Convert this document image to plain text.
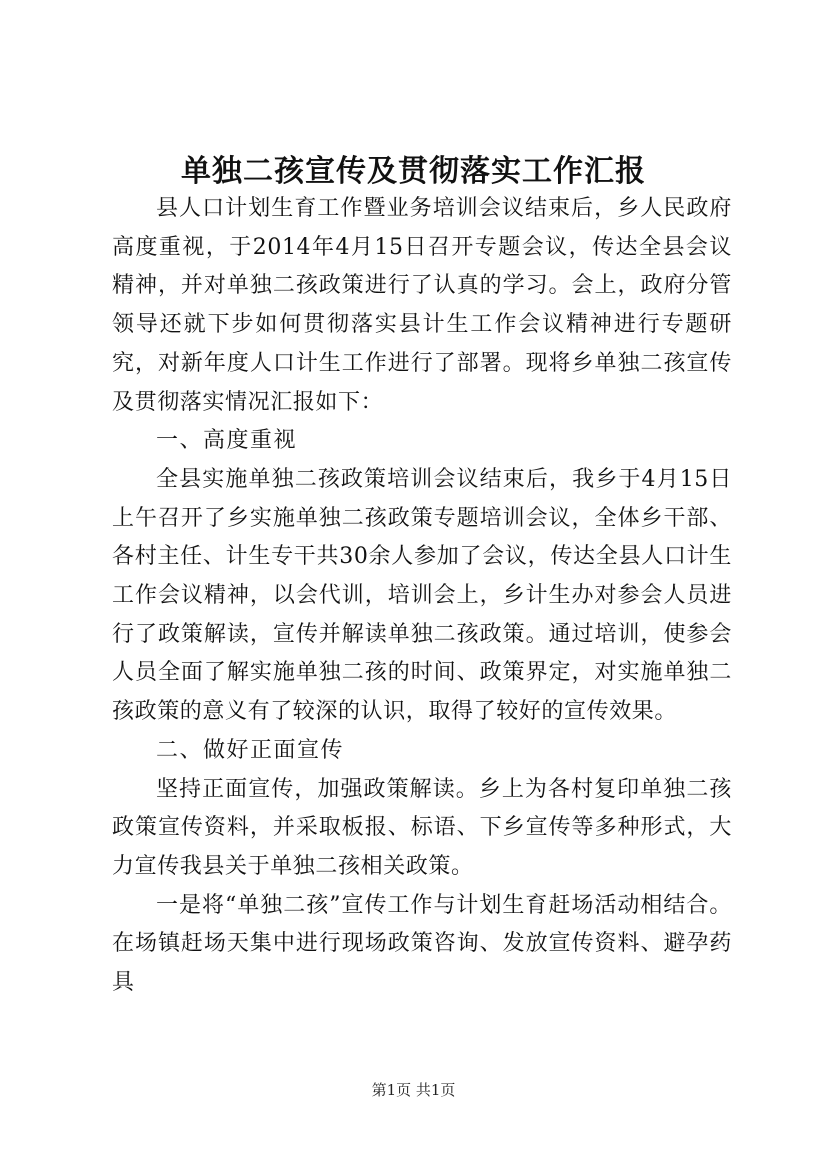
单独二孩宣传及贯彻落实工作汇报

县人口计划生育工作暨业务培训会议结束后，乡人民政府高度重视，于2014年4月15日召开专题会议，传达全县会议精神，并对单独二孩政策进行了认真的学习。会上，政府分管领导还就下步如何贯彻落实县计生工作会议精神进行专题研究，对新年度人口计生工作进行了部署。现将乡单独二孩宣传及贯彻落实情况汇报如下：

一、高度重视

全县实施单独二孩政策培训会议结束后，我乡于4月15日上午召开了乡实施单独二孩政策专题培训会议，全体乡干部、各村主任、计生专干共30余人参加了会议，传达全县人口计生工作会议精神，以会代训，培训会上，乡计生办对参会人员进行了政策解读，宣传并解读单独二孩政策。通过培训，使参会人员全面了解实施单独二孩的时间、政策界定，对实施单独二孩政策的意义有了较深的认识，取得了较好的宣传效果。

二、做好正面宣传

坚持正面宣传，加强政策解读。乡上为各村复印单独二孩政策宣传资料，并采取板报、标语、下乡宣传等多种形式，大力宣传我县关于单独二孩相关政策。

一是将“单独二孩”宣传工作与计划生育赶场活动相结合。在场镇赶场天集中进行现场政策咨询、发放宣传资料、避孕药具

第1页 共1页
